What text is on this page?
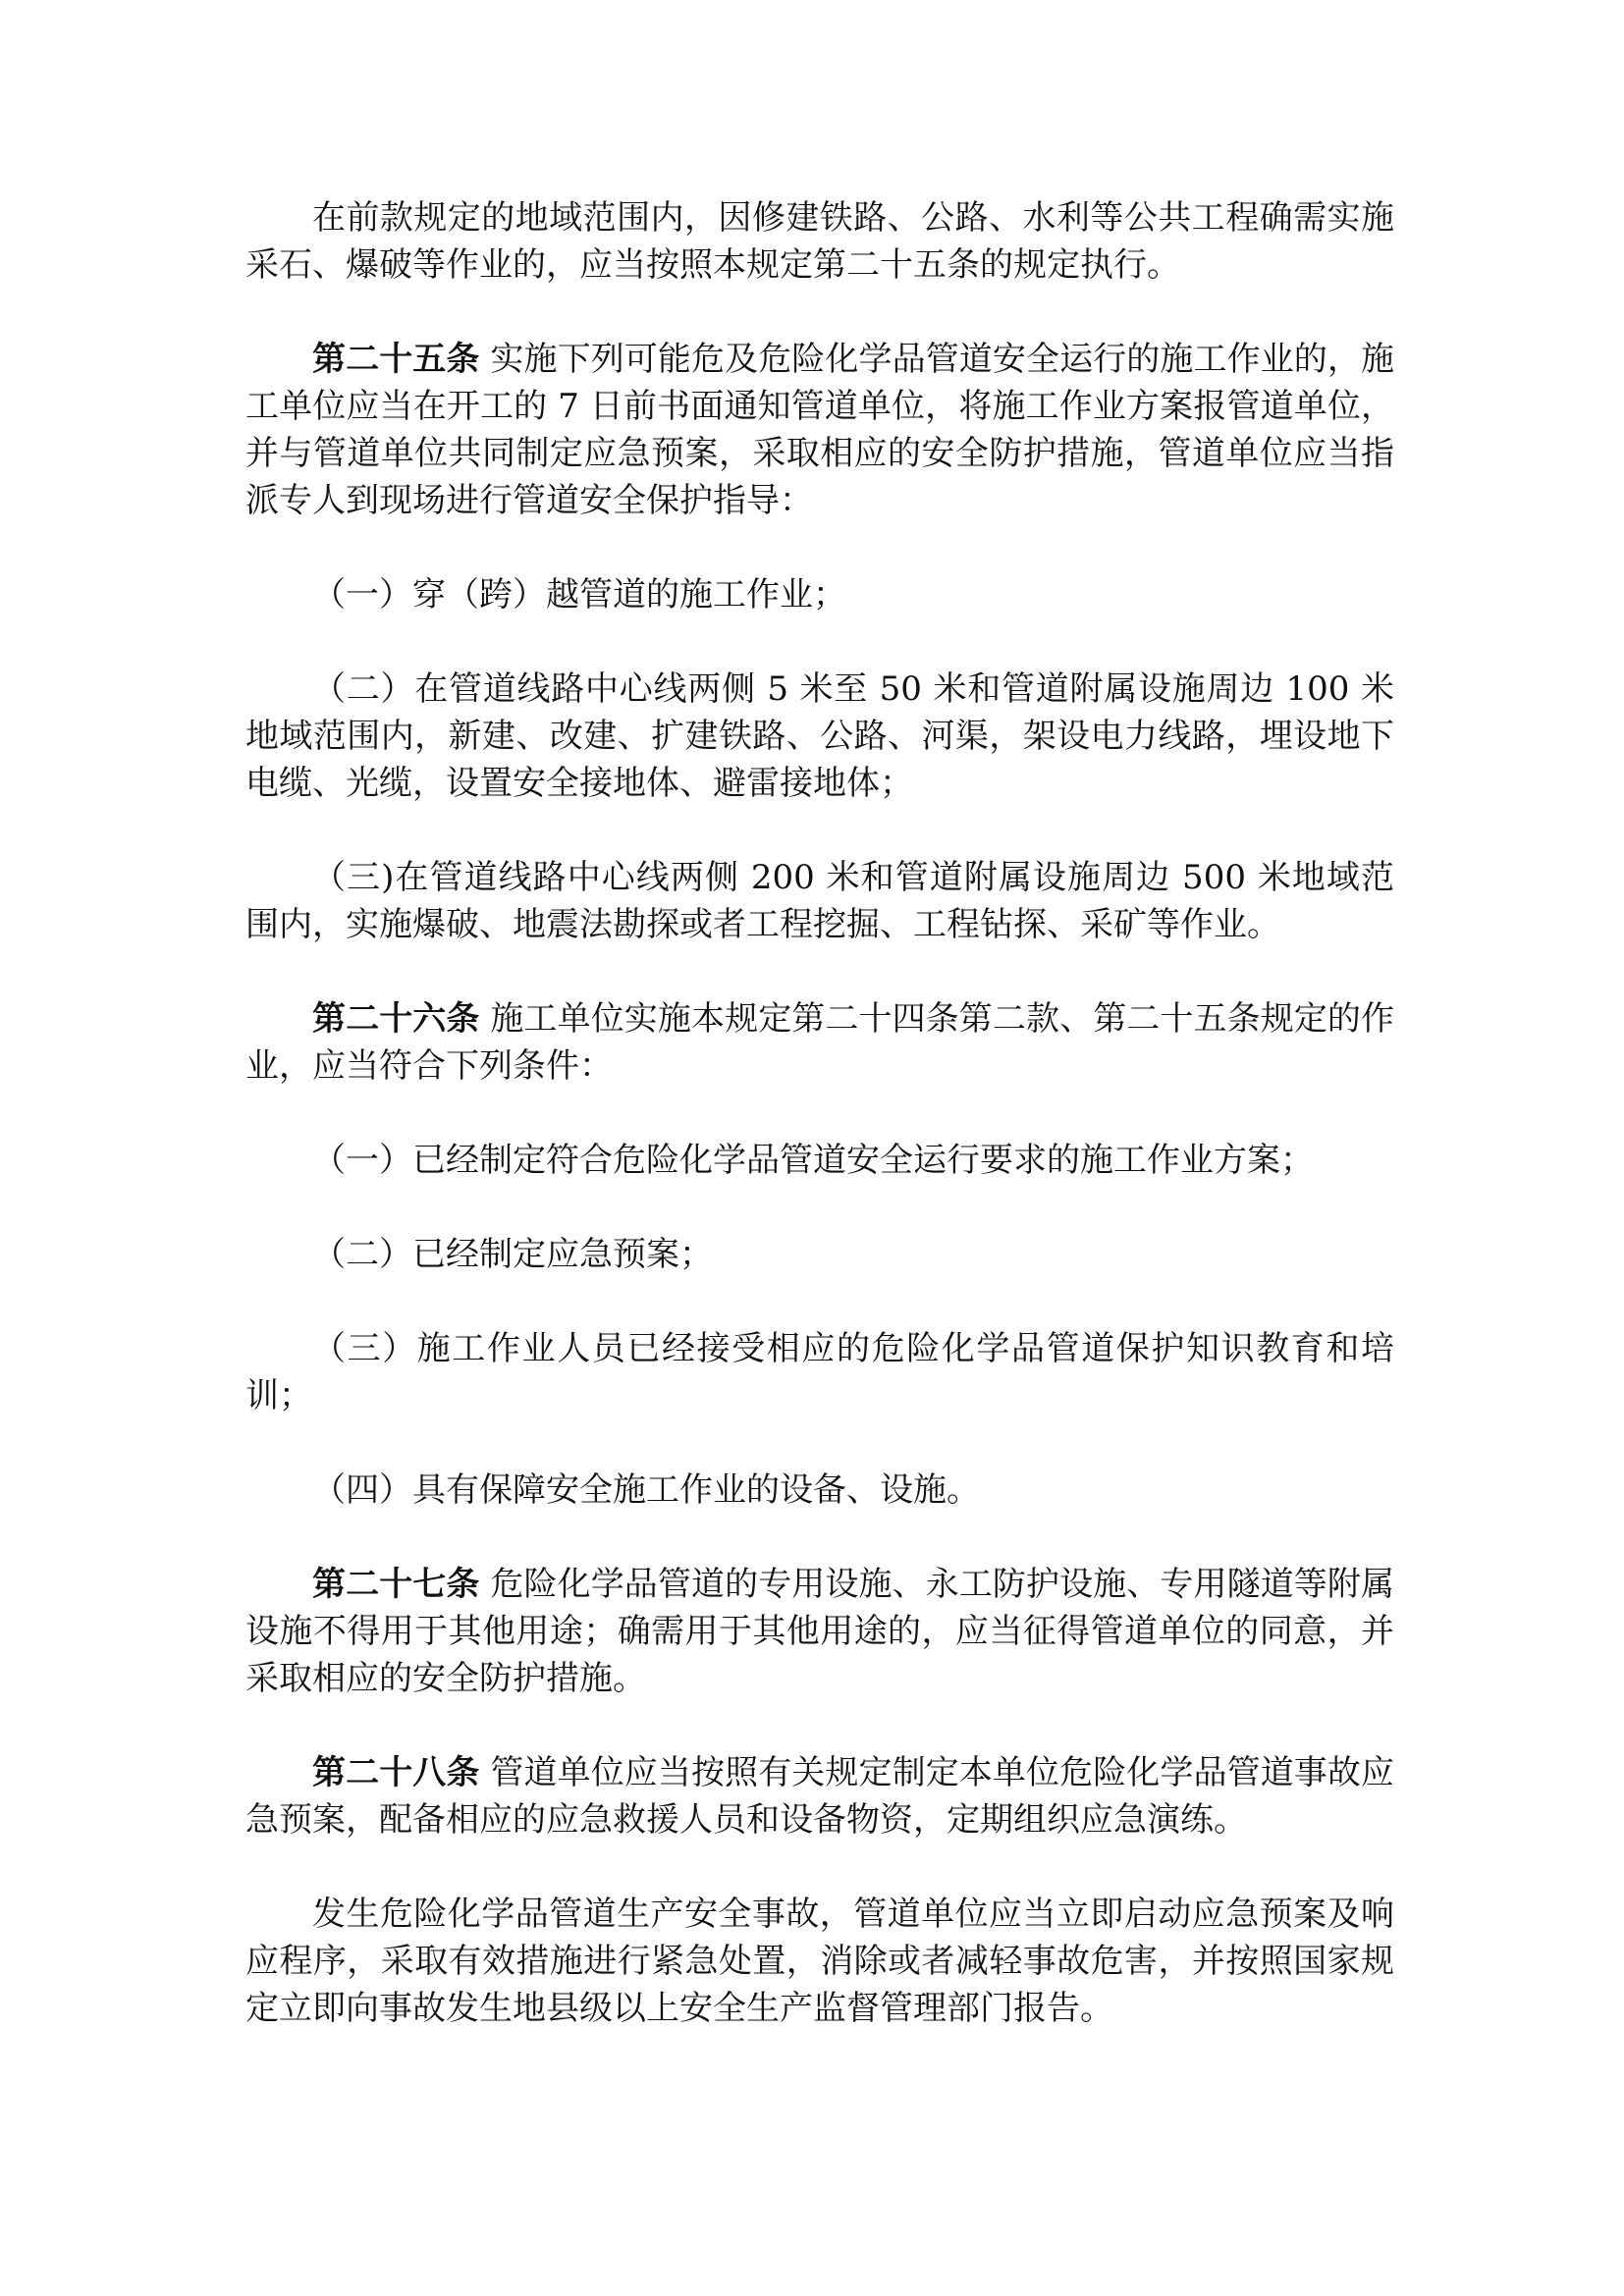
在前款规定的地域范围内，因修建铁路、公路、水利等公共工程确需实施采石、爆破等作业的，应当按照本规定第二十五条的规定执行。

第二十五条 实施下列可能危及危险化学品管道安全运行的施工作业的，施工单位应当在开工的 7 日前书面通知管道单位，将施工作业方案报管道单位，并与管道单位共同制定应急预案，采取相应的安全防护措施，管道单位应当指派专人到现场进行管道安全保护指导：

（一）穿（跨）越管道的施工作业；

（二）在管道线路中心线两侧 5 米至 50 米和管道附属设施周边 100 米地域范围内，新建、改建、扩建铁路、公路、河渠，架设电力线路，埋设地下电缆、光缆，设置安全接地体、避雷接地体；

（三)在管道线路中心线两侧 200 米和管道附属设施周边 500 米地域范围内，实施爆破、地震法勘探或者工程挖掘、工程钻探、采矿等作业。

第二十六条 施工单位实施本规定第二十四条第二款、第二十五条规定的作业，应当符合下列条件：

（一）已经制定符合危险化学品管道安全运行要求的施工作业方案；

（二）已经制定应急预案；

（三）施工作业人员已经接受相应的危险化学品管道保护知识教育和培训；

（四）具有保障安全施工作业的设备、设施。

第二十七条 危险化学品管道的专用设施、永工防护设施、专用隧道等附属设施不得用于其他用途；确需用于其他用途的，应当征得管道单位的同意，并采取相应的安全防护措施。

第二十八条 管道单位应当按照有关规定制定本单位危险化学品管道事故应急预案，配备相应的应急救援人员和设备物资，定期组织应急演练。

发生危险化学品管道生产安全事故，管道单位应当立即启动应急预案及响应程序，采取有效措施进行紧急处置，消除或者减轻事故危害，并按照国家规定立即向事故发生地县级以上安全生产监督管理部门报告。
